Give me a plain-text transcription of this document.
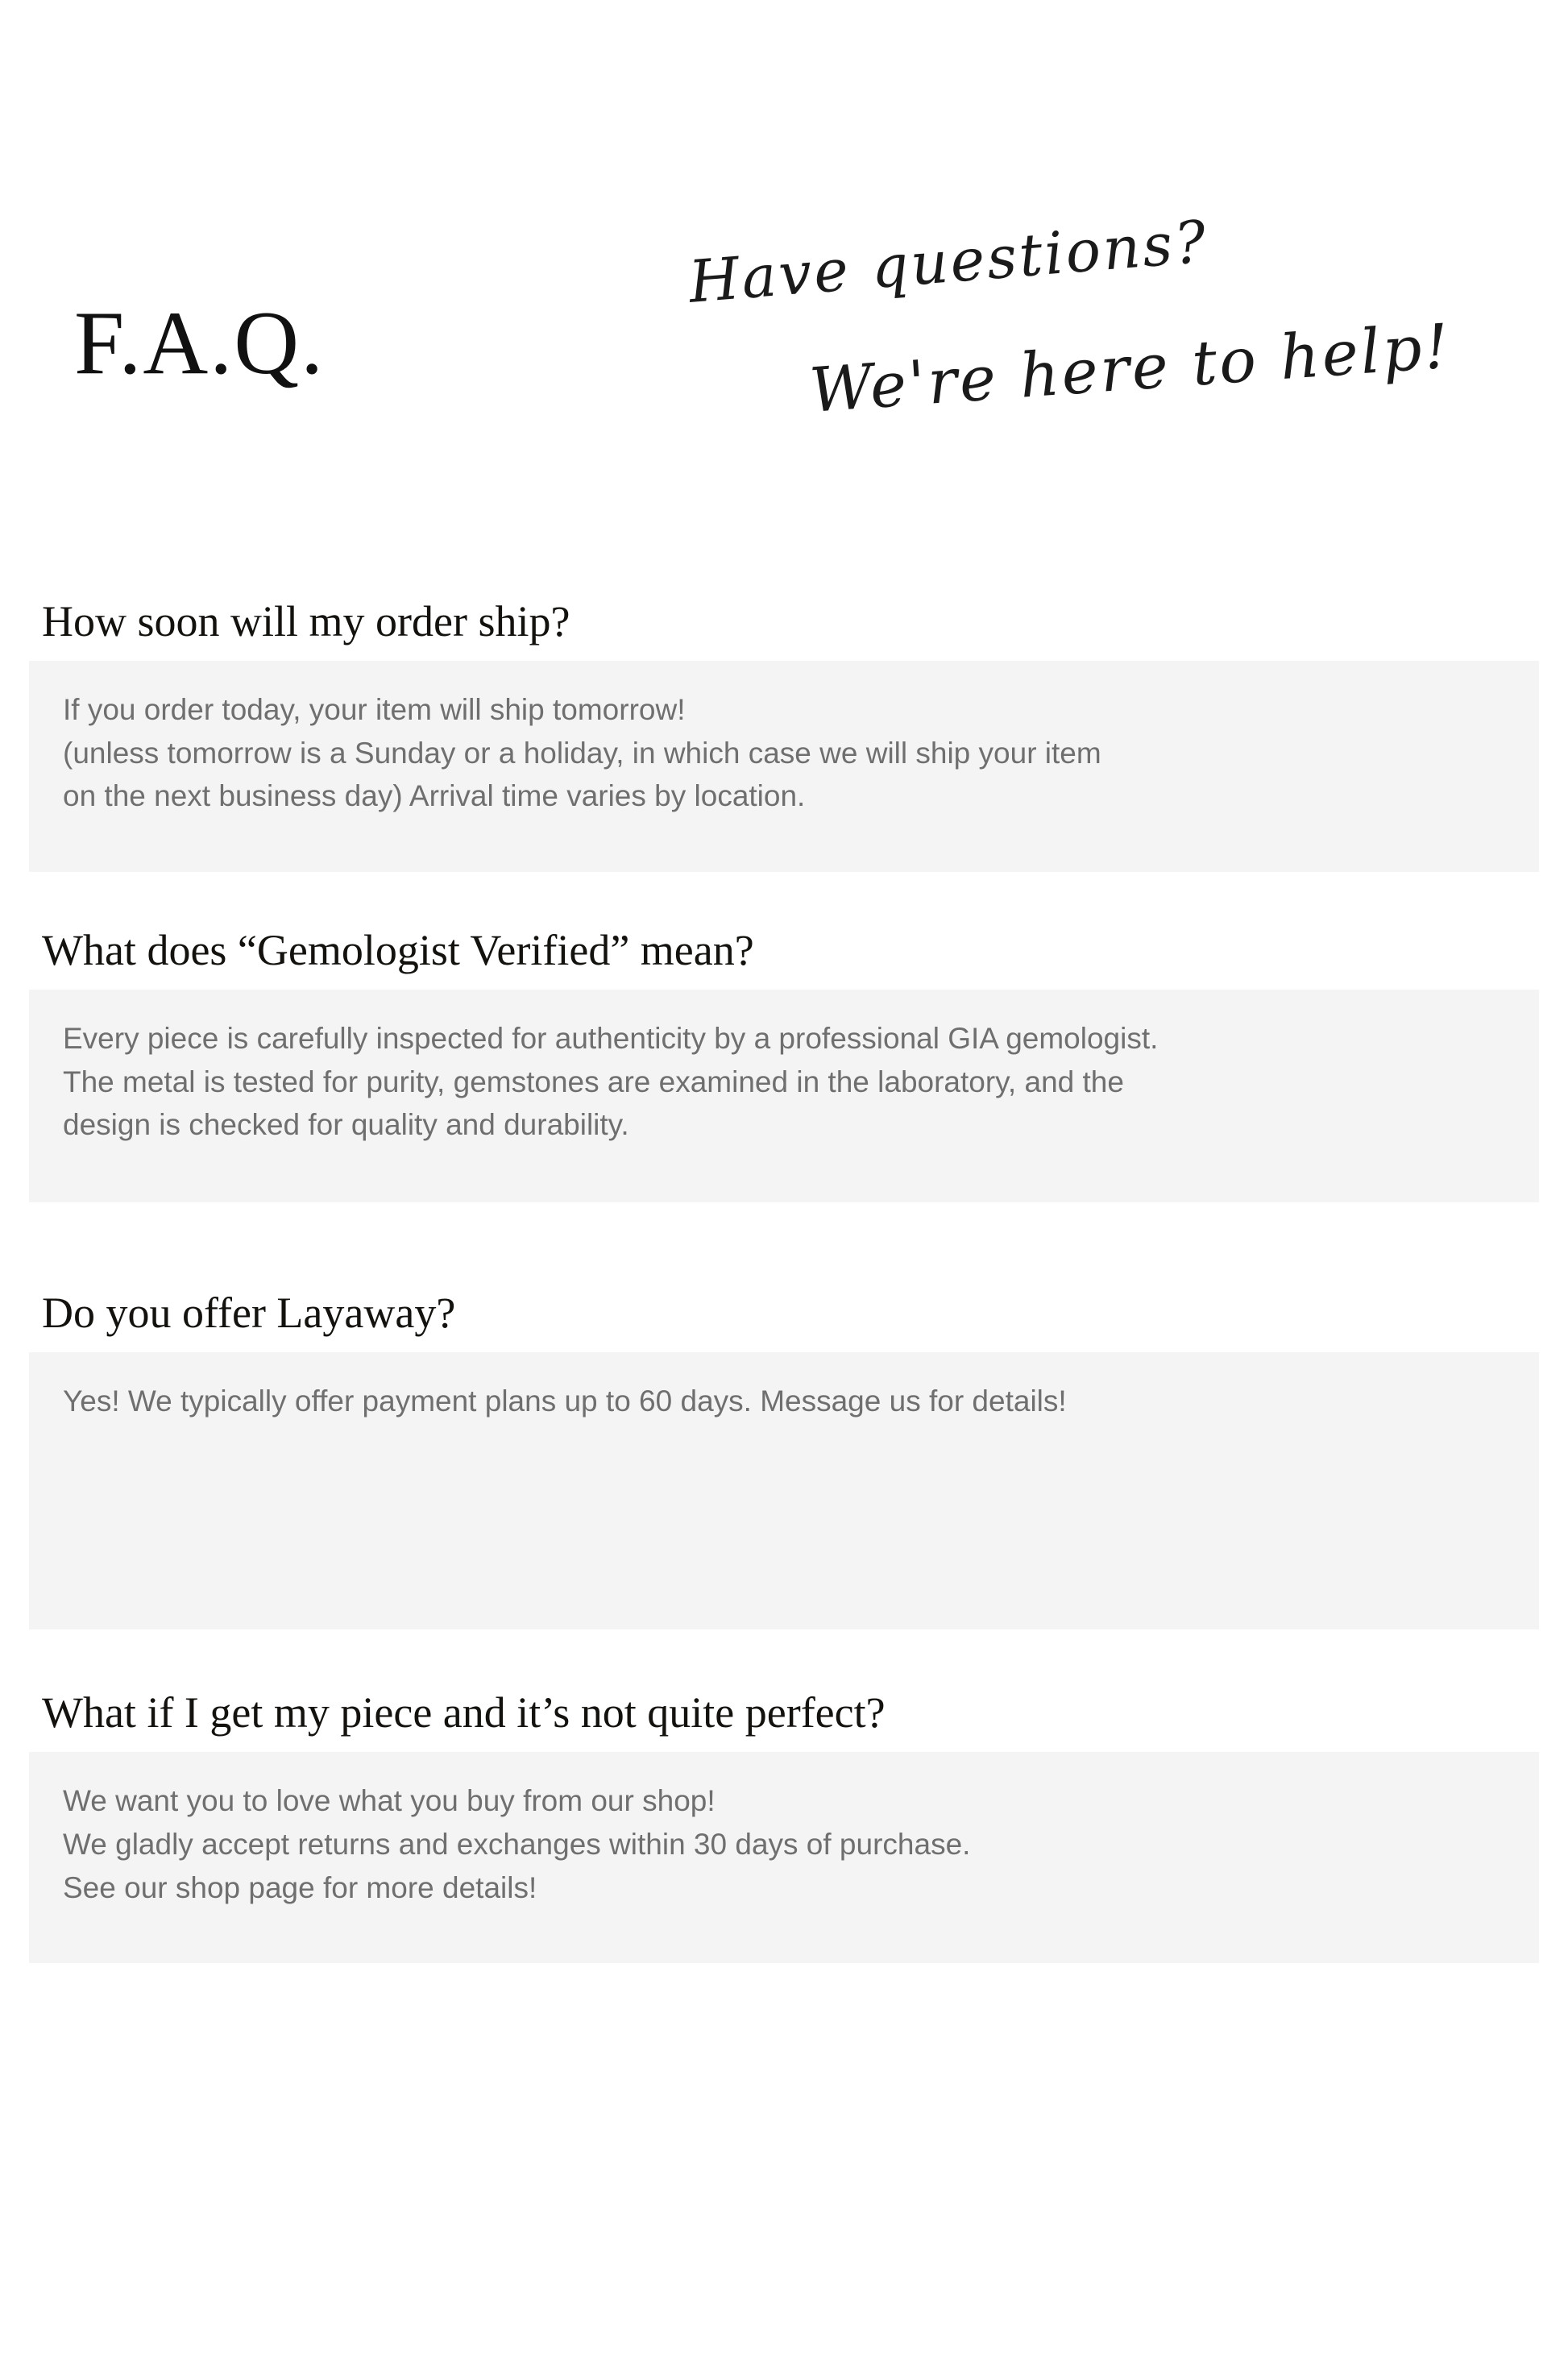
F.A.Q.
Have questions?
We're here to help!
How soon will my order ship?

If you order today, your item will ship tomorrow!

(unless tomorrow is a Sunday or a holiday, in which case we will ship your item

on the next business day) Arrival time varies by location.

What does “Gemologist Verified” mean?

Every piece is carefully inspected for authenticity by a professional GIA gemologist.

The metal is tested for purity, gemstones are examined in the laboratory, and the

design is checked for quality and durability.

Do you offer Layaway?

Yes! We typically offer payment plans up to 60 days. Message us for details!

What if I get my piece and it’s not quite perfect?

We want you to love what you buy from our shop!

We gladly accept returns and exchanges within 30 days of purchase.

See our shop page for more details!
